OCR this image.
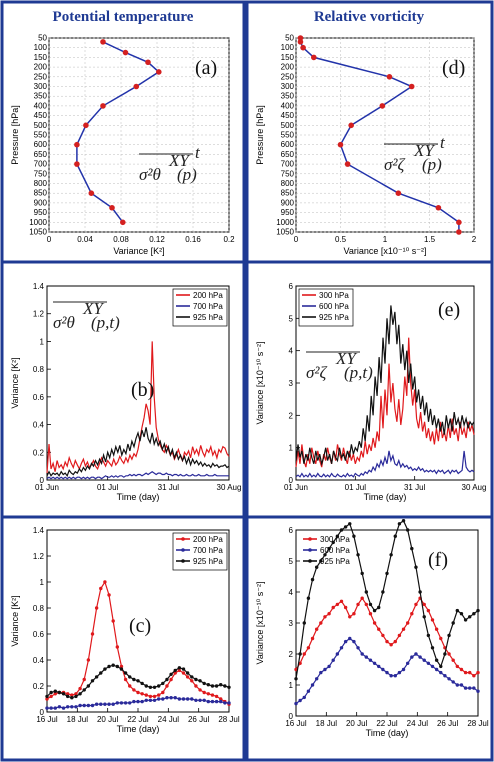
Potential temperature	Relative vorticity
50
100
150
200
250
300
350
400
450
500
550
600
650
700
750
800
850
900
950
1000
1050
0	0.04	0.08	0.12	0.16	0.2
Variance [K²]
Pressure [hPa]
(a)
XY t
σ²θ (p)
50
100
150
200
250
300
350
400
450
500
550
600
650
700
750
800
850
900
950
1000
1050
0	0.5	1	1.5	2
Variance [x10⁻¹⁰ s⁻²]
Pressure [hPa]
(d)
XY t
σ²ζ (p)
0
0.2
0.4
0.6
0.8
1
1.2
1.4
01 Jun	01 Jul	31 Jul	30 Aug
200 hPa
700 hPa
925 hPa
Time (day)
Variance [K²]	(b)
XY
σ²θ (p,t)
0
1
2
3
4
5
6
01 Jun	01 Jul	31 Jul	30 Aug
300 hPa
600 hPa
925 hPa
Time (day)
Variance [x10⁻¹⁰ s⁻²]
(e)
XY
σ²ζ (p,t)
0
0.2
0.4
0.6
0.8
1
1.2
1.4
16 Jul 18 Jul 20 Jul 22 Jul 24 Jul 26 Jul 28 Jul
200 hPa
700 hPa
925 hPa
Time (day)
Variance [K²]	(c)
0
1
2
3
4
5
6
16 Jul 18 Jul 20 Jul 22 Jul 24 Jul 26 Jul 28 Jul
300 hPa
600 hPa
925 hPa
Time (day)
Variance [x10⁻¹⁰ s⁻²]
(f)
